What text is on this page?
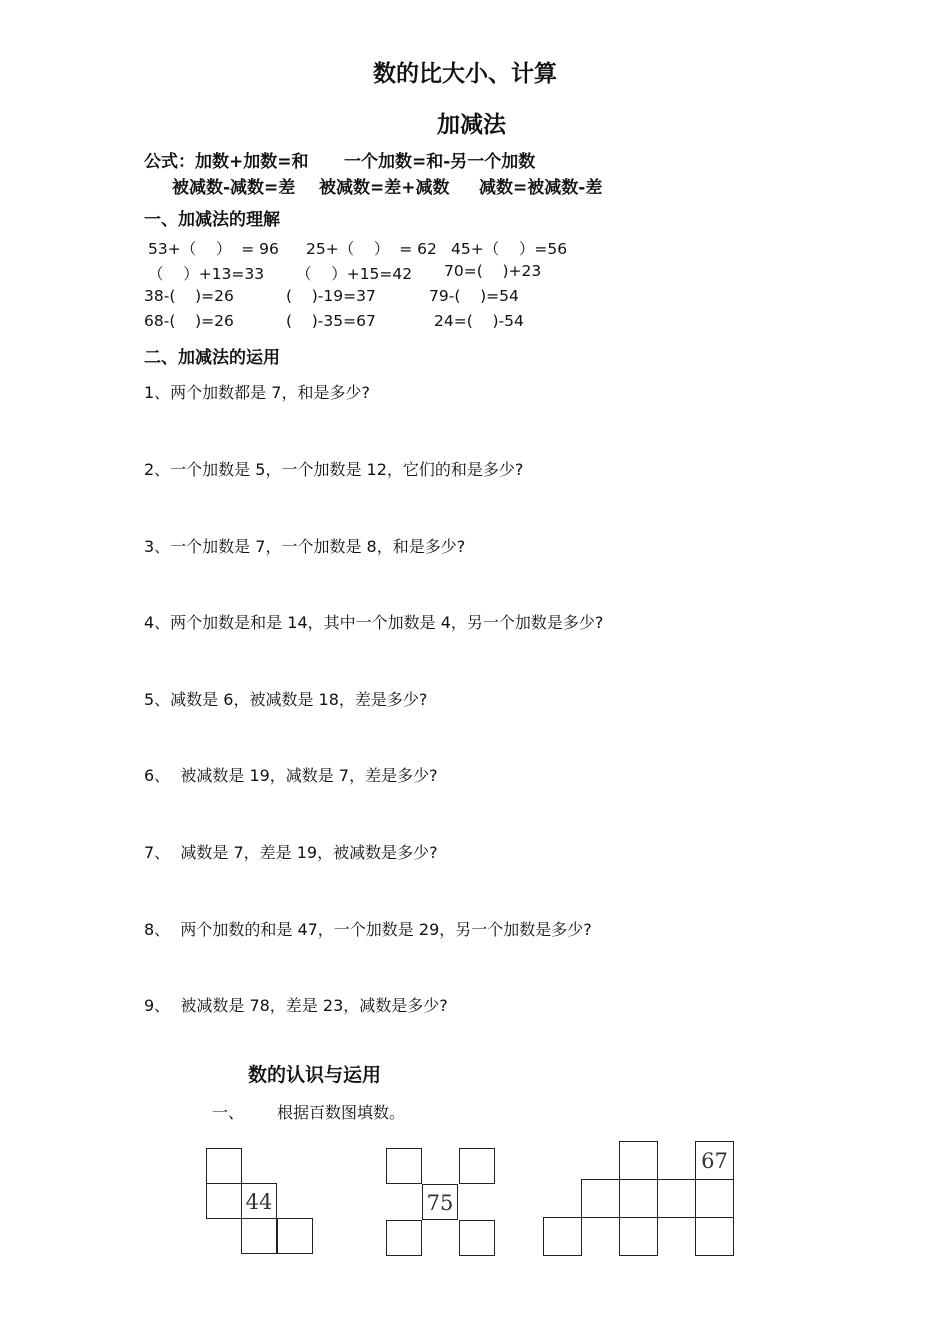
数的比大小、计算
加减法
公式：加数+加数=和      一个加数=和-另一个加数
被减数-减数=差    被减数=差+减数     减数=被减数-差
一、加减法的理解
53+（    ）  = 96 25+（    ）  = 62 45+（    ）=56
（    ）+13=33 （    ）+15=42 70=(    )+23
38-(    )=26	(    )-19=37	79-(    )=54
68-(    )=26	(    )-35=67	24=(    )-54
二、加减法的运用
1、两个加数都是 7，和是多少?
2、一个加数是 5，一个加数是 12，它们的和是多少?
3、一个加数是 7，一个加数是 8，和是多少?
4、两个加数是和是 14，其中一个加数是 4，另一个加数是多少?
5、减数是 6，被减数是 18，差是多少?
6、  被减数是 19，减数是 7，差是多少?
7、  减数是 7，差是 19，被减数是多少?
8、  两个加数的和是 47，一个加数是 29，另一个加数是多少?
9、  被减数是 78，差是 23，减数是多少?
数的认识与运用
一、 根据百数图填数。
44	75
67
